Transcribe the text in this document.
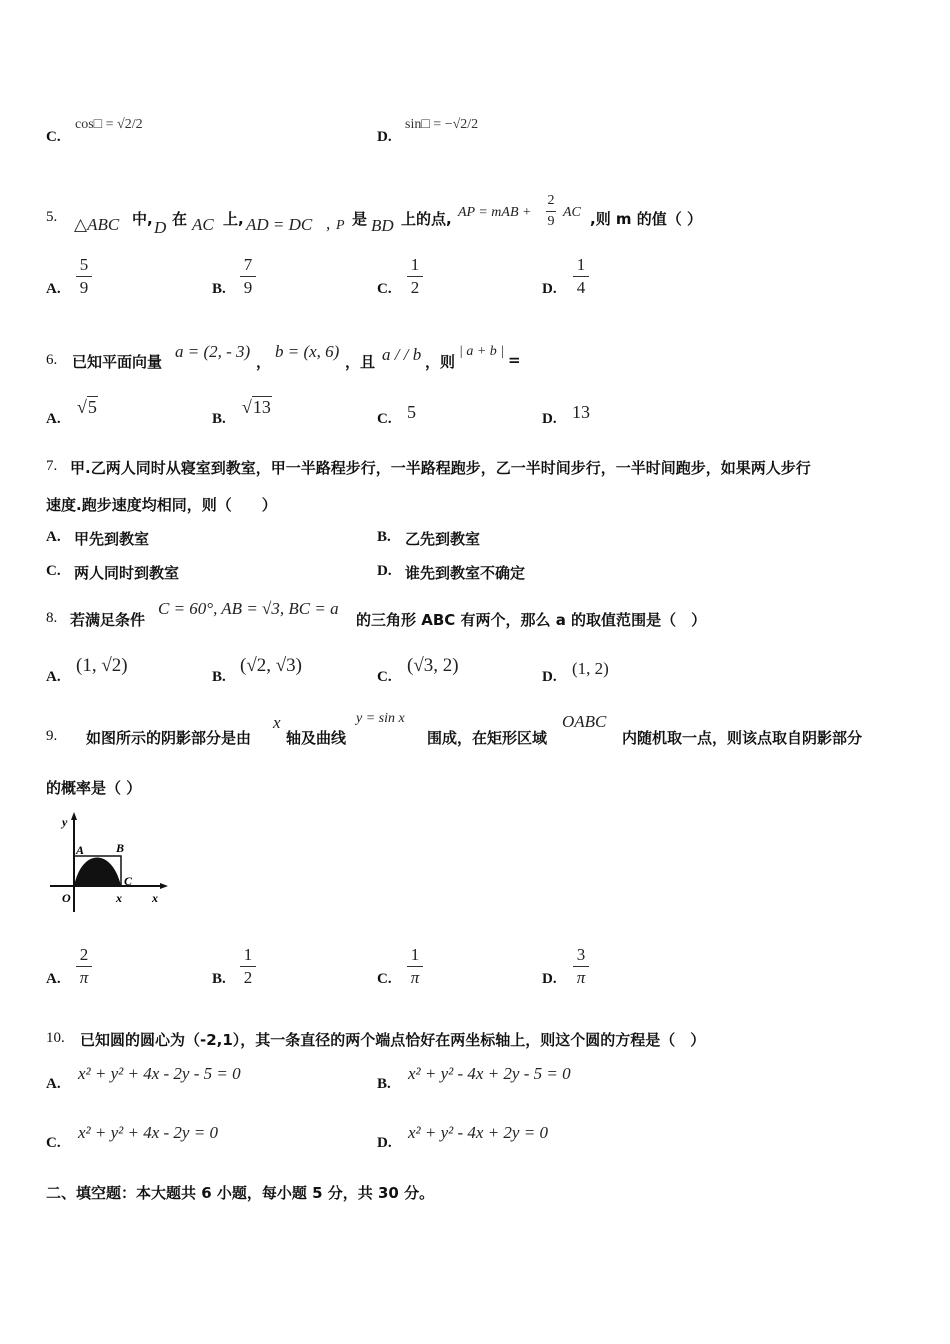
C.
cos□ = √2/2
D.
sin□ = −√2/2
5. △ABC 中, D 在 AC 上, AD = DC , P 是 BD 上的点, AP = mAB +
2
9
AC ,则 m 的值（ ）
A.
5
9	B.
7
9	C.
1
2	D.
1
4
6. 已知平面向量
a = (2, - 3)
，
b = (x, 6)
，且 a / / b ，则
| a + b | =
A.
√5
B.
√13
C. 5	D. 13
7. 甲.乙两人同时从寝室到教室，甲一半路程步行，一半路程跑步，乙一半时间步行，一半时间跑步，如果两人步行
速度.跑步速度均相同，则（　　）
A. 甲先到教室	B. 乙先到教室
C. 两人同时到教室	D. 谁先到教室不确定
8. 若满足条件
C = 60°, AB = √3, BC = a
的三角形 ABC 有两个，那么 a 的取值范围是（　）
A.
(1, √2)
B.
(√2, √3)
C.
(√3, 2)
D. (1, 2)
9. 如图所示的阴影部分是由
x
轴及曲线
y = sin x
围成，在矩形区域
OABC
内随机取一点，则该点取自阴影部分
的概率是（ ）
y
A	B
C
O	x	x
A.
2
π	B.
1
2	C.
1
π	D.
3
π
10. 已知圆的圆心为（-2,1），其一条直径的两个端点恰好在两坐标轴上，则这个圆的方程是（　）
A.
x² + y² + 4x - 2y - 5 = 0
B.
x² + y² - 4x + 2y - 5 = 0
C.
x² + y² + 4x - 2y = 0
D.
x² + y² - 4x + 2y = 0
二、填空题：本大题共 6 小题，每小题 5 分，共 30 分。
